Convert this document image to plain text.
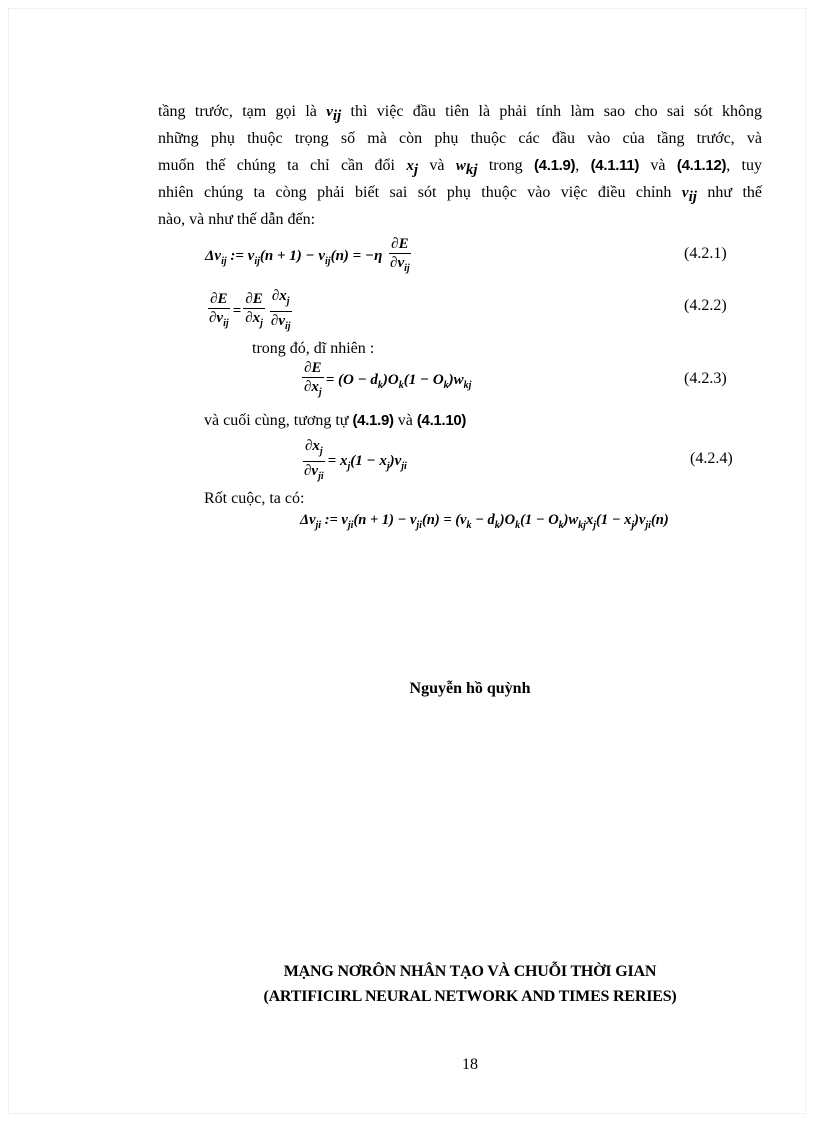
tầng trước, tạm gọi là $v_{ij}$ thì việc đầu tiên là phải tính làm sao cho sai sót không
những phụ thuộc trọng số mà còn phụ thuộc các đầu vào của tầng trước, và
muốn thế chúng ta chỉ cần đổi $x_j$ và $w_{kj}$ trong (4.1.9), (4.1.11) và (4.1.12), tuy
nhiên chúng ta còng phải biết sai sót phụ thuộc vào việc điều chỉnh $v_{ij}$ như thế
nào, và như thế dẫn đến:
$\Delta v_{ij}$ := $v_{ij}(n + 1) - v_{ij}(n) = -\eta \frac{\partial E}{\partial v_{ij}}$	(4.2.1)
$\frac{\partial E}{\partial v_{ij}} = \frac{\partial E}{\partial x_j} \frac{\partial x_j}{\partial v_{ij}}$	(4.2.2)
trong đó, dĩ nhiên :
$\frac{\partial E}{\partial x_j} = (O - d_k)O_k(1 - O_k)w_{kj}$	(4.2.3)
và cuối cùng, tương tự (4.1.9) và (4.1.10)
$\frac{\partial x_j}{\partial v_{ji}} = x_j(1 - x_j)v_{ji}$	(4.2.4)
Rốt cuộc, ta có:
$\Delta v_{ji}$ := $v_{ji}(n + 1) - v_{ji}(n) = (v_k - d_k)O_k(1 - O_k)w_{kj}x_j(1 - x_j)v_{ji}(n)$
Nguyễn hồ quỳnh
MẠNG NƠRÔN NHÂN TẠO VÀ CHUỖI THỜI GIAN
(ARTIFICIRL NEURAL NETWORK AND TIMES RERIES)
18
